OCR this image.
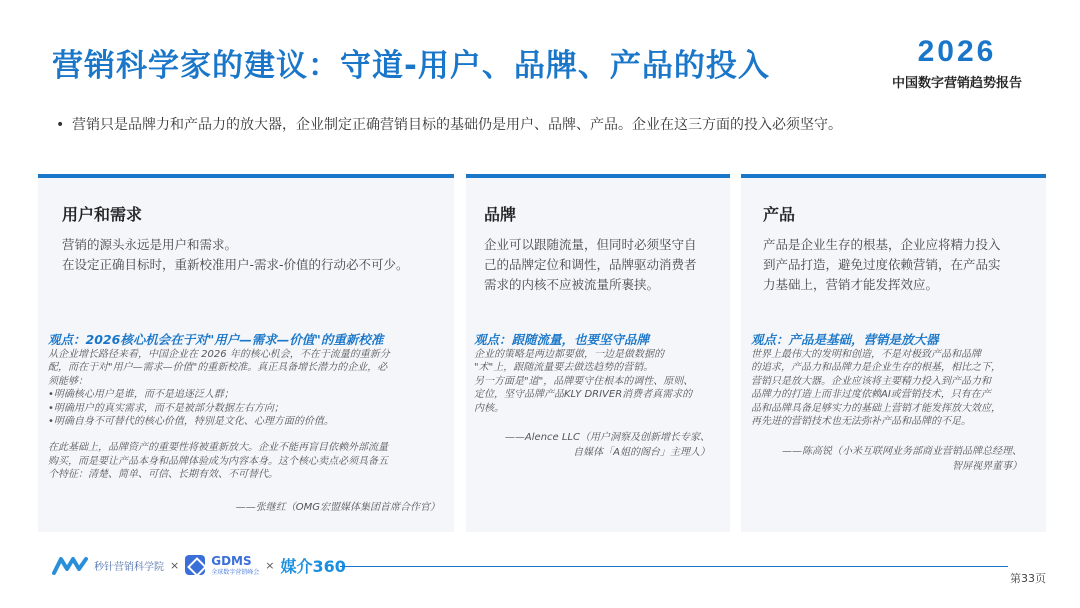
营销科学家的建议：守道-用户、品牌、产品的投入	2026
中国数字营销趋势报告
• 营销只是品牌力和产品力的放大器，企业制定正确营销目标的基础仍是用户、品牌、产品。企业在这三方面的投入必须坚守。
用户和需求

营销的源头永远是用户和需求。

在设定正确目标时，重新校准用户-需求-价值的行动必不可少。

观点：2026核心机会在于对"用户—需求—价值"的重新校准

从企业增长路径来看，中国企业在 2026 年的核心机会，不在于流量的重新分

配，而在于对"用户—需求—价值"的重新校准。真正具备增长潜力的企业，必

须能够：

•明确核心用户是谁，而不是追逐泛人群；

•明确用户的真实需求，而不是被部分数据左右方向；

•明确自身不可替代的核心价值，特别是文化、心理方面的价值。

在此基础上，品牌资产的重要性将被重新放大。企业不能再盲目依赖外部流量

购买，而是要让产品本身和品牌体验成为内容本身。这个核心卖点必须具备五

个特征：清楚、简单、可信、长期有效、不可替代。

——张继红（OMG宏盟媒体集团首席合作官）
品牌

企业可以跟随流量，但同时必须坚守自

己的品牌定位和调性，品牌驱动消费者

需求的内核不应被流量所裹挟。

观点：跟随流量，也要坚守品牌

企业的策略是两边都要做，一边是做数据的

"术"上，跟随流量要去做迭趋势的营销。

另一方面是"道"，品牌要守住根本的调性、原则、

定位，坚守品牌产品KLY DRIVER消费者真需求的

内核。

——Alence LLC（用户洞察及创新增长专家、

自媒体「A姐的阁台」主理人）

产品

产品是企业生存的根基，企业应将精力投入

到产品打造，避免过度依赖营销，在产品实

力基础上，营销才能发挥效应。

观点：产品是基础，营销是放大器

世界上最伟大的发明和创造，不是对极致产品和品牌

的追求，产品力和品牌力是企业生存的根基，相比之下，

营销只是放大器。企业应该将主要精力投入到产品力和

品牌力的打造上而非过度依赖AI或营销技术，只有在产

品和品牌具备足够实力的基础上营销才能发挥放大效应，

再先进的营销技术也无法弥补产品和品牌的不足。

——陈高锐（小米互联网业务部商业营销品牌总经理、

智屏视界董事）

秒针营销科学院 ×	GDMS
全球数字营销峰会
× 媒介360
第33页
